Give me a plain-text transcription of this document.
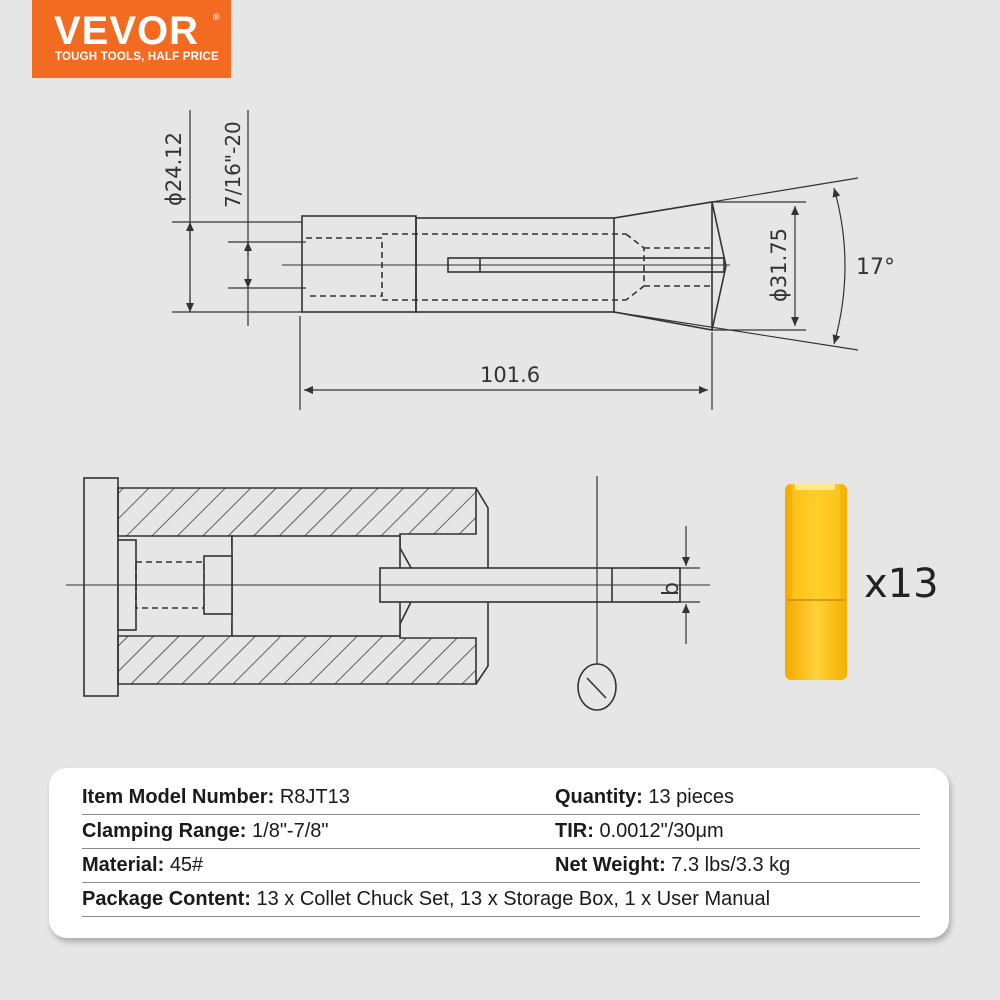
VEVOR ®
TOUGH TOOLS, HALF PRICE
ϕ24.12 7/16"-20
ϕ31.75	17°
101.6
b	x13
Item Model Number: R8JT13	Quantity: 13 pieces
Clamping Range: 1/8"-7/8"	TIR: 0.0012"/30μm
Material: 45#	Net Weight: 7.3 lbs/3.3 kg
Package Content: 13 x Collet Chuck Set, 13 x Storage Box, 1 x User Manual
